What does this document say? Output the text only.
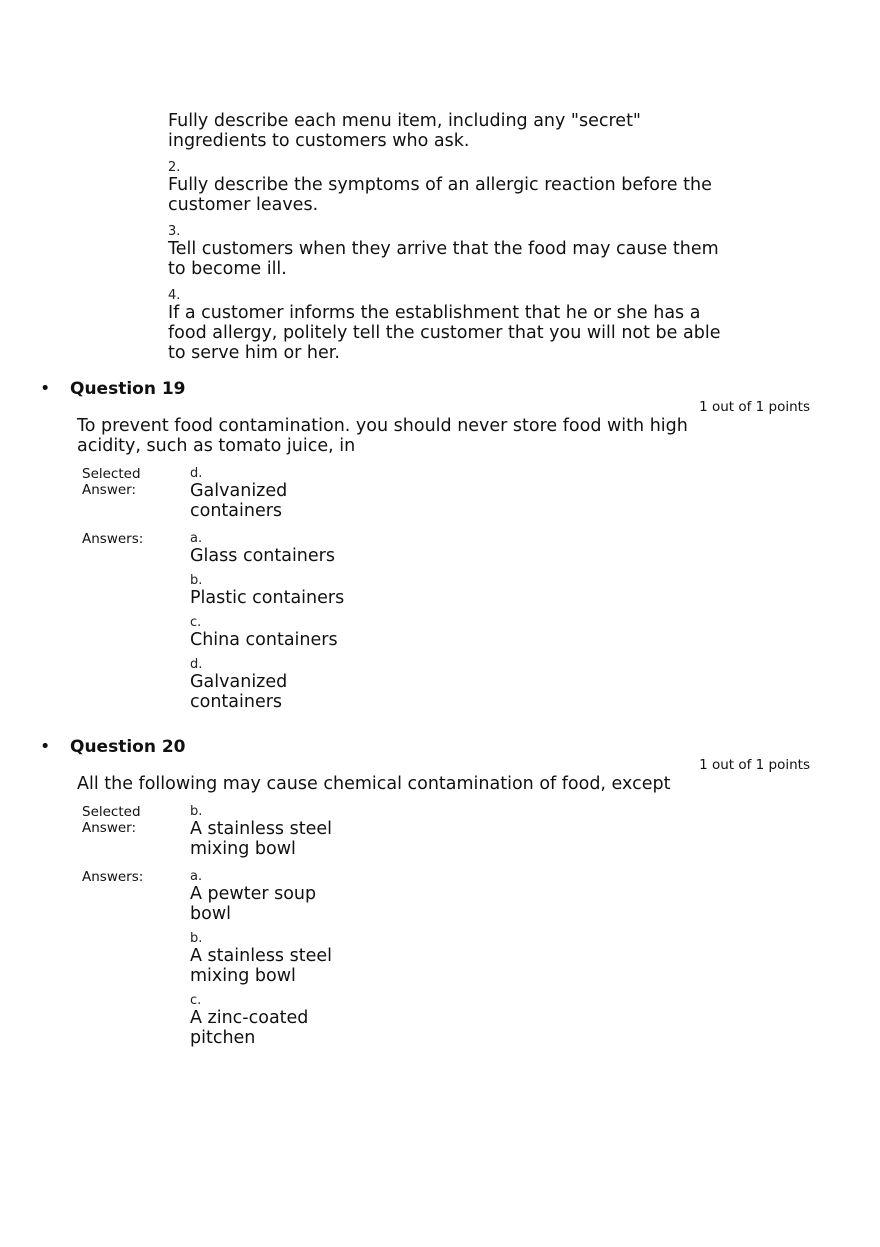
Fully describe each menu item, including any "secret" ingredients to customers who ask.
2.
Fully describe the symptoms of an allergic reaction before the customer leaves.
3.
Tell customers when they arrive that the food may cause them to become ill.
4.
If a customer informs the establishment that he or she has a food allergy, politely tell the customer that you will not be able to serve him or her.
• Question 19
1 out of 1 points
To prevent food contamination. you should never store food with high acidity, such as tomato juice, in
Selected Answer:
d.
Galvanized containers
Answers:	a.
Glass containers
b.
Plastic containers
c.
China containers
d.
Galvanized containers
• Question 20
1 out of 1 points
All the following may cause chemical contamination of food, except
Selected Answer:
b.
A stainless steel mixing bowl
Answers:	a.
A pewter soup bowl
b.
A stainless steel mixing bowl
c.
A zinc-coated pitchen
